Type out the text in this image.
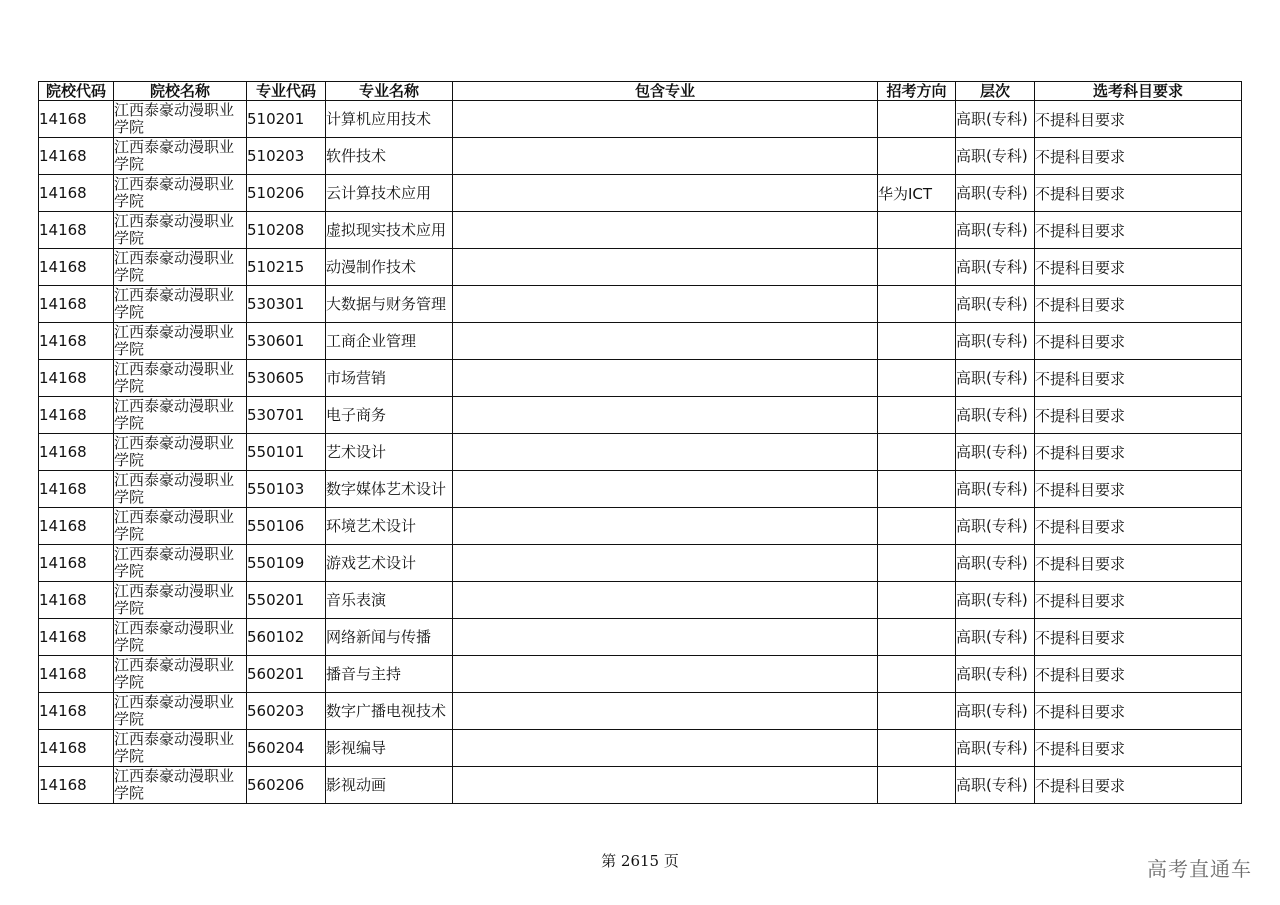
院校代码	院校名称	专业代码	专业名称	包含专业	招考方向	层次	选考科目要求
14168	江西泰豪动漫职业学院	510201	计算机应用技术			高职(专科)	不提科目要求
14168	江西泰豪动漫职业学院	510203	软件技术			高职(专科)	不提科目要求
14168	江西泰豪动漫职业学院	510206	云计算技术应用		华为ICT	高职(专科)	不提科目要求
14168	江西泰豪动漫职业学院	510208	虚拟现实技术应用			高职(专科)	不提科目要求
14168	江西泰豪动漫职业学院	510215	动漫制作技术			高职(专科)	不提科目要求
14168	江西泰豪动漫职业学院	530301	大数据与财务管理			高职(专科)	不提科目要求
14168	江西泰豪动漫职业学院	530601	工商企业管理			高职(专科)	不提科目要求
14168	江西泰豪动漫职业学院	530605	市场营销			高职(专科)	不提科目要求
14168	江西泰豪动漫职业学院	530701	电子商务			高职(专科)	不提科目要求
14168	江西泰豪动漫职业学院	550101	艺术设计			高职(专科)	不提科目要求
14168	江西泰豪动漫职业学院	550103	数字媒体艺术设计			高职(专科)	不提科目要求
14168	江西泰豪动漫职业学院	550106	环境艺术设计			高职(专科)	不提科目要求
14168	江西泰豪动漫职业学院	550109	游戏艺术设计			高职(专科)	不提科目要求
14168	江西泰豪动漫职业学院	550201	音乐表演			高职(专科)	不提科目要求
14168	江西泰豪动漫职业学院	560102	网络新闻与传播			高职(专科)	不提科目要求
14168	江西泰豪动漫职业学院	560201	播音与主持			高职(专科)	不提科目要求
14168	江西泰豪动漫职业学院	560203	数字广播电视技术			高职(专科)	不提科目要求
14168	江西泰豪动漫职业学院	560204	影视编导			高职(专科)	不提科目要求
14168	江西泰豪动漫职业学院	560206	影视动画			高职(专科)	不提科目要求
第 2615 页	高考直通车
